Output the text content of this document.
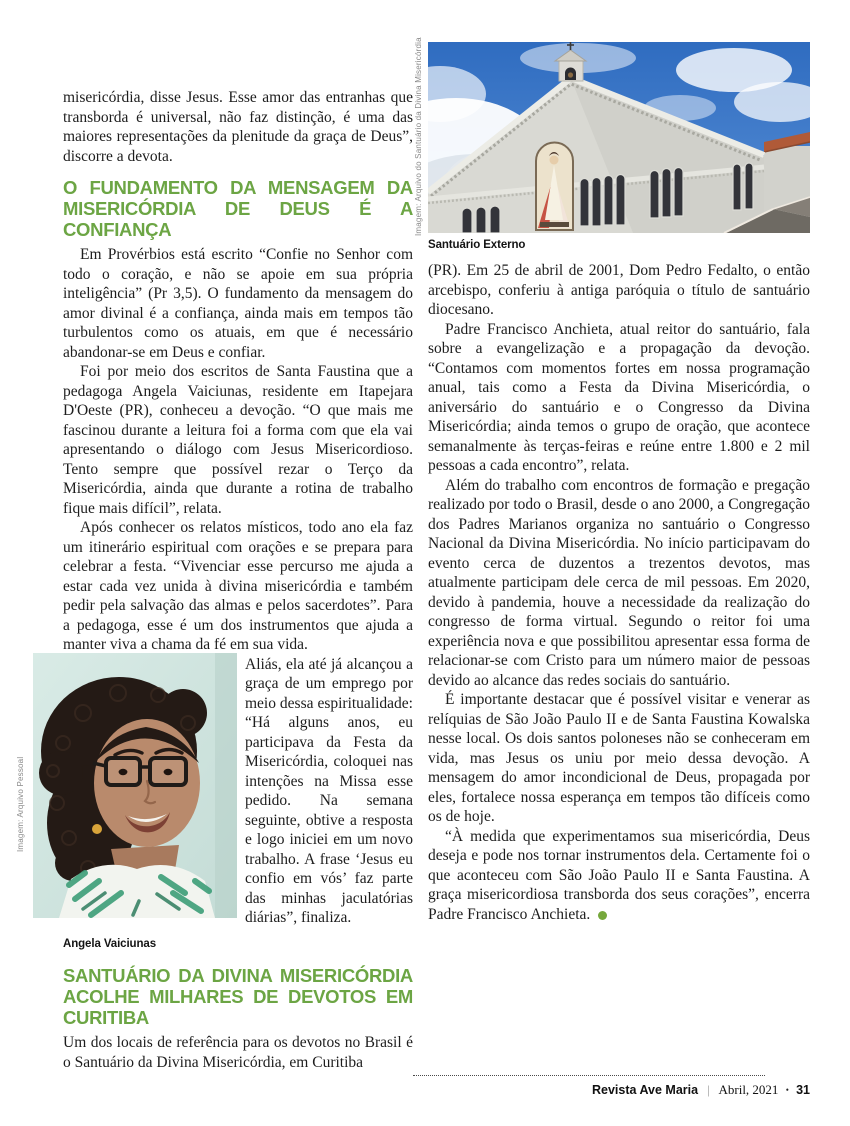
Imagem: Arquivo do Santuário da Divina Misericórdia
Santuário Externo

misericórdia, disse Jesus. Esse amor das entranhas que transborda é universal, não faz distinção, é uma das maiores representações da plenitude da graça de Deus”, discorre a devota.

O FUNDAMENTO DA MENSAGEM DA MISERICÓRDIA DE DEUS É A CONFIANÇA

Em Provérbios está escrito “Confie no Senhor com todo o coração, e não se apoie em sua própria inteligência” (Pr 3,5). O fundamento da mensagem do amor divinal é a confiança, ainda mais em tempos tão turbulentos como os atuais, em que é necessário abandonar-se em Deus e confiar.

Foi por meio dos escritos de Santa Faustina que a pedagoga Angela Vaiciunas, residente em Itapejara D'Oeste (PR), conheceu a devoção. “O que mais me fascinou durante a leitura foi a forma com que ela vai apresentando o diálogo com Jesus Misericordioso. Tento sempre que possível rezar o Terço da Misericórdia, ainda que durante a rotina de trabalho fique mais difícil”, relata.

Após conhecer os relatos místicos, todo ano ela faz um itinerário espiritual com orações e se prepara para celebrar a festa. “Vivenciar esse percurso me ajuda a estar cada vez unida à divina misericórdia e também pedir pela salvação das almas e pelos sacerdotes”. Para a pedagoga, esse é um dos instrumentos que ajuda a manter viva a chama da fé em sua vida.

Aliás, ela até já alcançou a graça de um emprego por meio dessa espiritualidade: “Há alguns anos, eu participava da Festa da Misericórdia, coloquei nas intenções na Missa esse pedido. Na semana seguinte, obtive a resposta e logo iniciei em um novo trabalho. A frase ‘Jesus eu confio em vós’ faz parte das minhas jaculatórias diárias”, finaliza.

Angela Vaiciunas
SANTUÁRIO DA DIVINA MISERICÓRDIA ACOLHE MILHARES DE DEVOTOS EM CURITIBA

Um dos locais de referência para os devotos no Brasil é o Santuário da Divina Misericórdia, em Curitiba

Imagem: Arquivo Pessoal

(PR). Em 25 de abril de 2001, Dom Pedro Fedalto, o então arcebispo, conferiu à antiga paróquia o título de santuário diocesano.

Padre Francisco Anchieta, atual reitor do santuário, fala sobre a evangelização e a propagação da devoção. “Contamos com momentos fortes em nossa programação anual, tais como a Festa da Divina Misericórdia, o aniversário do santuário e o Congresso da Divina Misericórdia; ainda temos o grupo de oração, que acontece semanalmente às terças-feiras e reúne entre 1.800 e 2 mil pessoas a cada encontro”, relata.

Além do trabalho com encontros de formação e pregação realizado por todo o Brasil, desde o ano 2000, a Congregação dos Padres Marianos organiza no santuário o Congresso Nacional da Divina Misericórdia. No início participavam do evento cerca de duzentos a trezentos devotos, mas atualmente participam dele cerca de mil pessoas. Em 2020, devido à pandemia, houve a necessidade da realização do congresso de forma virtual. Segundo o reitor foi uma experiência nova e que possibilitou apresentar essa forma de relacionar-se com Cristo para um número maior de pessoas devido ao alcance das redes sociais do santuário.

É importante destacar que é possível visitar e venerar as relíquias de São João Paulo II e de Santa Faustina Kowalska nesse local. Os dois santos poloneses não se conheceram em vida, mas Jesus os uniu por meio dessa devoção. A mensagem do amor incondicional de Deus, propagada por eles, fortalece nossa esperança em tempos tão difíceis como os de hoje.

“À medida que experimentamos sua misericórdia, Deus deseja e pode nos tornar instrumentos dela. Certamente foi o que aconteceu com São João Paulo II e Santa Faustina. A graça misericordiosa transborda dos seus corações”, encerra Padre Francisco Anchieta.

Revista Ave Maria | Abril, 2021 • 31
